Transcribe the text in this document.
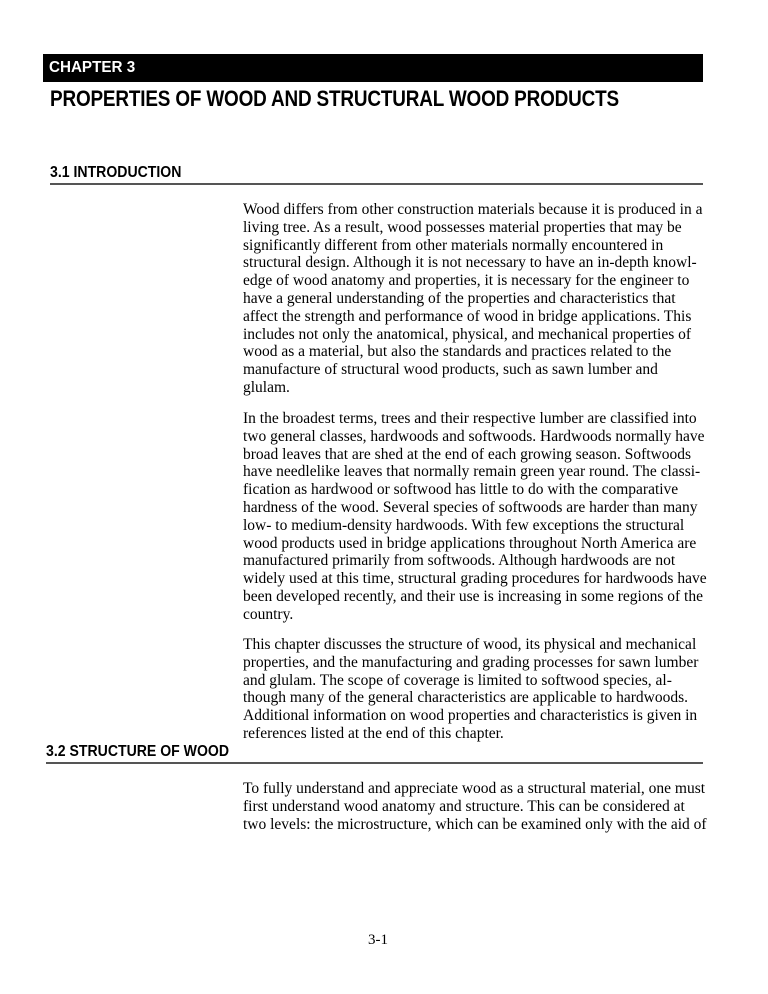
CHAPTER 3
PROPERTIES OF WOOD AND STRUCTURAL WOOD PRODUCTS
3.1 INTRODUCTION

Wood differs from other construction materials because it is produced in a
living tree. As a result, wood possesses material properties that may be
significantly different from other materials normally encountered in
structural design. Although it is not necessary to have an in-depth knowl-
edge of wood anatomy and properties, it is necessary for the engineer to
have a general understanding of the properties and characteristics that
affect the strength and performance of wood in bridge applications. This
includes not only the anatomical, physical, and mechanical properties of
wood as a material, but also the standards and practices related to the
manufacture of structural wood products, such as sawn lumber and
glulam.

In the broadest terms, trees and their respective lumber are classified into
two general classes, hardwoods and softwoods. Hardwoods normally have
broad leaves that are shed at the end of each growing season. Softwoods
have needlelike leaves that normally remain green year round. The classi-
fication as hardwood or softwood has little to do with the comparative
hardness of the wood. Several species of softwoods are harder than many
low- to medium-density hardwoods. With few exceptions the structural
wood products used in bridge applications throughout North America are
manufactured primarily from softwoods. Although hardwoods are not
widely used at this time, structural grading procedures for hardwoods have
been developed recently, and their use is increasing in some regions of the
country.

This chapter discusses the structure of wood, its physical and mechanical
properties, and the manufacturing and grading processes for sawn lumber
and glulam. The scope of coverage is limited to softwood species, al-
though many of the general characteristics are applicable to hardwoods.
Additional information on wood properties and characteristics is given in
references listed at the end of this chapter.

3.2 STRUCTURE OF WOOD

To fully understand and appreciate wood as a structural material, one must
first understand wood anatomy and structure. This can be considered at
two levels: the microstructure, which can be examined only with the aid of

3-1
